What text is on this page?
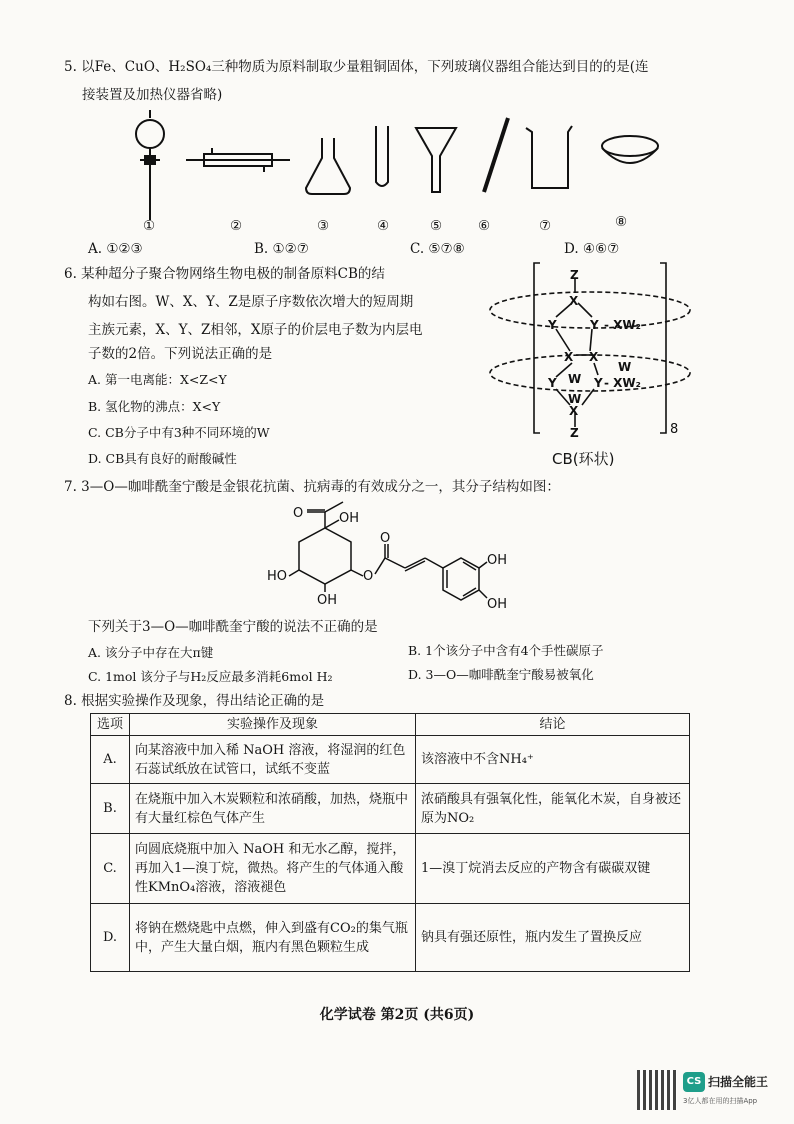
5. 以Fe、CuO、H₂SO₄三种物质为原料制取少量粗铜固体，下列玻璃仪器组合能达到目的的是(连
接装置及加热仪器省略)
①	②	③	④	⑤	⑥	⑦	⑧
A. ①②③	B. ①②⑦	C. ⑤⑦⑧	D. ④⑥⑦
6. 某种超分子聚合物网络生物电极的制备原料CB的结
构如右图。W、X、Y、Z是原子序数依次增大的短周期
主族元素，X、Y、Z相邻，X原子的价层电子数为内层电
子数的2倍。下列说法正确的是
A. 第一电离能：X<Z<Y
B. 氢化物的沸点：X<Y
C. CB分子中有3种不同环境的W
D. CB具有良好的耐酸碱性
Z
X
Y	Y - XW₂
X X
W
Y W Y - XW₂
W
X
Z	8
CB(环状)
7. 3—O—咖啡酰奎宁酸是金银花抗菌、抗病毒的有效成分之一，其分子结构如图：
O	OH
HO
OH
O
O
OH
OH
下列关于3—O—咖啡酰奎宁酸的说法不正确的是
A. 该分子中存在大π键	B. 1个该分子中含有4个手性碳原子
C. 1mol 该分子与H₂反应最多消耗6mol H₂	D. 3—O—咖啡酰奎宁酸易被氧化
8. 根据实验操作及现象，得出结论正确的是
选项	实验操作及现象	结论
A.	向某溶液中加入稀 NaOH 溶液，将湿润的红色石蕊试纸放在试管口，试纸不变蓝	该溶液中不含NH₄⁺
B.	在烧瓶中加入木炭颗粒和浓硝酸，加热，烧瓶中有大量红棕色气体产生	浓硝酸具有强氧化性，能氧化木炭，自身被还原为NO₂
C.	向圆底烧瓶中加入 NaOH 和无水乙醇，搅拌，再加入1—溴丁烷，微热。将产生的气体通入酸性KMnO₄溶液，溶液褪色	1—溴丁烷消去反应的产物含有碳碳双键
D.	将钠在燃烧匙中点燃，伸入到盛有CO₂的集气瓶中，产生大量白烟，瓶内有黑色颗粒生成	钠具有强还原性，瓶内发生了置换反应
化学试卷 第2页 (共6页)
CS 扫描全能王
3亿人都在用的扫描App
